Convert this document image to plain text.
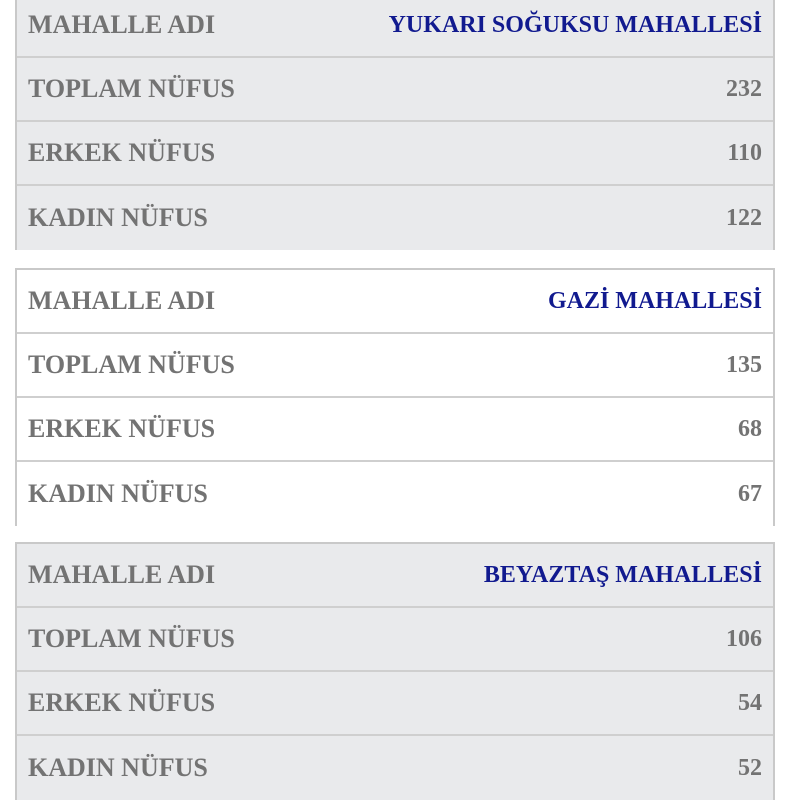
MAHALLE ADI	YUKARI SOĞUKSU MAHALLESİ
TOPLAM NÜFUS	232
ERKEK NÜFUS	110
KADIN NÜFUS	122
MAHALLE ADI	GAZİ MAHALLESİ
TOPLAM NÜFUS	135
ERKEK NÜFUS	68
KADIN NÜFUS	67
MAHALLE ADI	BEYAZTAŞ MAHALLESİ
TOPLAM NÜFUS	106
ERKEK NÜFUS	54
KADIN NÜFUS	52
